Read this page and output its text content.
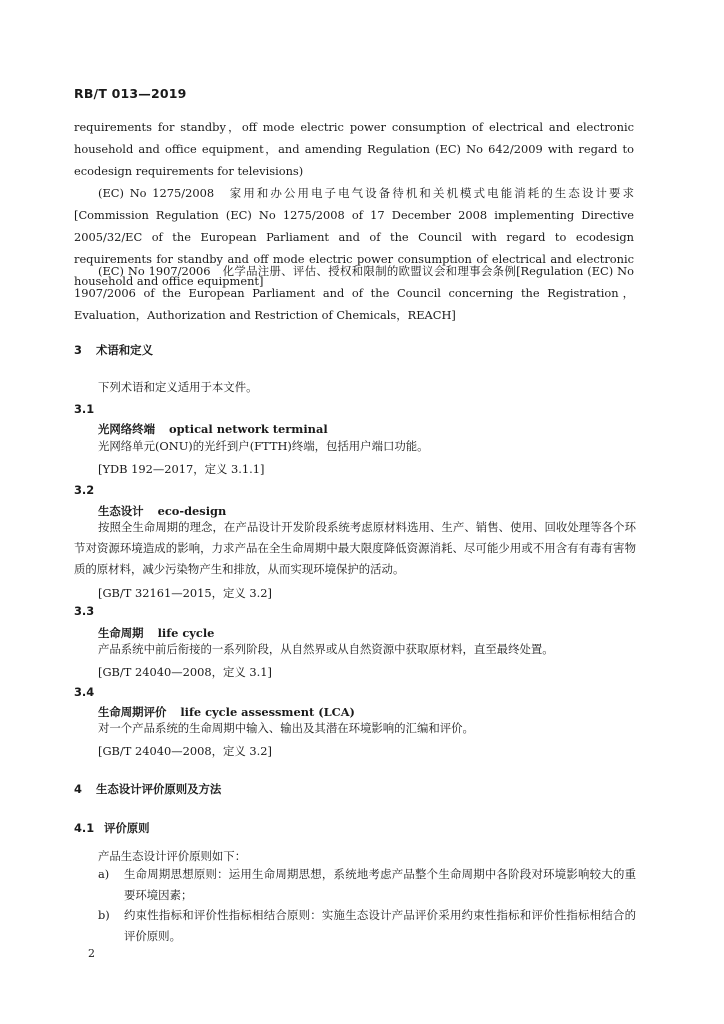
RB/T 013—2019
requirements for standby，off mode electric power consumption of electrical and electronic household and office equipment，and amending Regulation (EC) No 642/2009 with regard to ecodesign requirements for televisions)
(EC) No 1275/2008　家用和办公用电子电气设备待机和关机模式电能消耗的生态设计要求[Commission Regulation (EC) No 1275/2008 of 17 December 2008 implementing Directive 2005/32/EC of the European Parliament and of the Council with regard to ecodesign requirements for standby and off mode electric power consumption of electrical and electronic household and office equipment]
(EC) No 1907/2006　化学品注册、评估、授权和限制的欧盟议会和理事会条例[Regulation (EC) No 1907/2006 of the European Parliament and of the Council concerning the Registration，Evaluation，Authorization and Restriction of Chemicals，REACH]
3 术语和定义
下列术语和定义适用于本文件。
3.1
光网络终端 optical network terminal
光网络单元(ONU)的光纤到户(FTTH)终端，包括用户端口功能。
[YDB 192—2017，定义 3.1.1]
3.2
生态设计 eco-design
按照全生命周期的理念，在产品设计开发阶段系统考虑原材料选用、生产、销售、使用、回收处理等各个环节对资源环境造成的影响，力求产品在全生命周期中最大限度降低资源消耗、尽可能少用或不用含有有毒有害物质的原材料，减少污染物产生和排放，从而实现环境保护的活动。
[GB/T 32161—2015，定义 3.2]
3.3
生命周期 life cycle
产品系统中前后衔接的一系列阶段，从自然界或从自然资源中获取原材料，直至最终处置。
[GB/T 24040—2008，定义 3.1]
3.4
生命周期评价 life cycle assessment (LCA)
对一个产品系统的生命周期中输入、输出及其潜在环境影响的汇编和评价。
[GB/T 24040—2008，定义 3.2]
4 生态设计评价原则及方法
4.1 评价原则
产品生态设计评价原则如下：
a)	生命周期思想原则：运用生命周期思想，系统地考虑产品整个生命周期中各阶段对环境影响较大的重要环境因素；
b)	约束性指标和评价性指标相结合原则：实施生态设计产品评价采用约束性指标和评价性指标相结合的评价原则。
2
